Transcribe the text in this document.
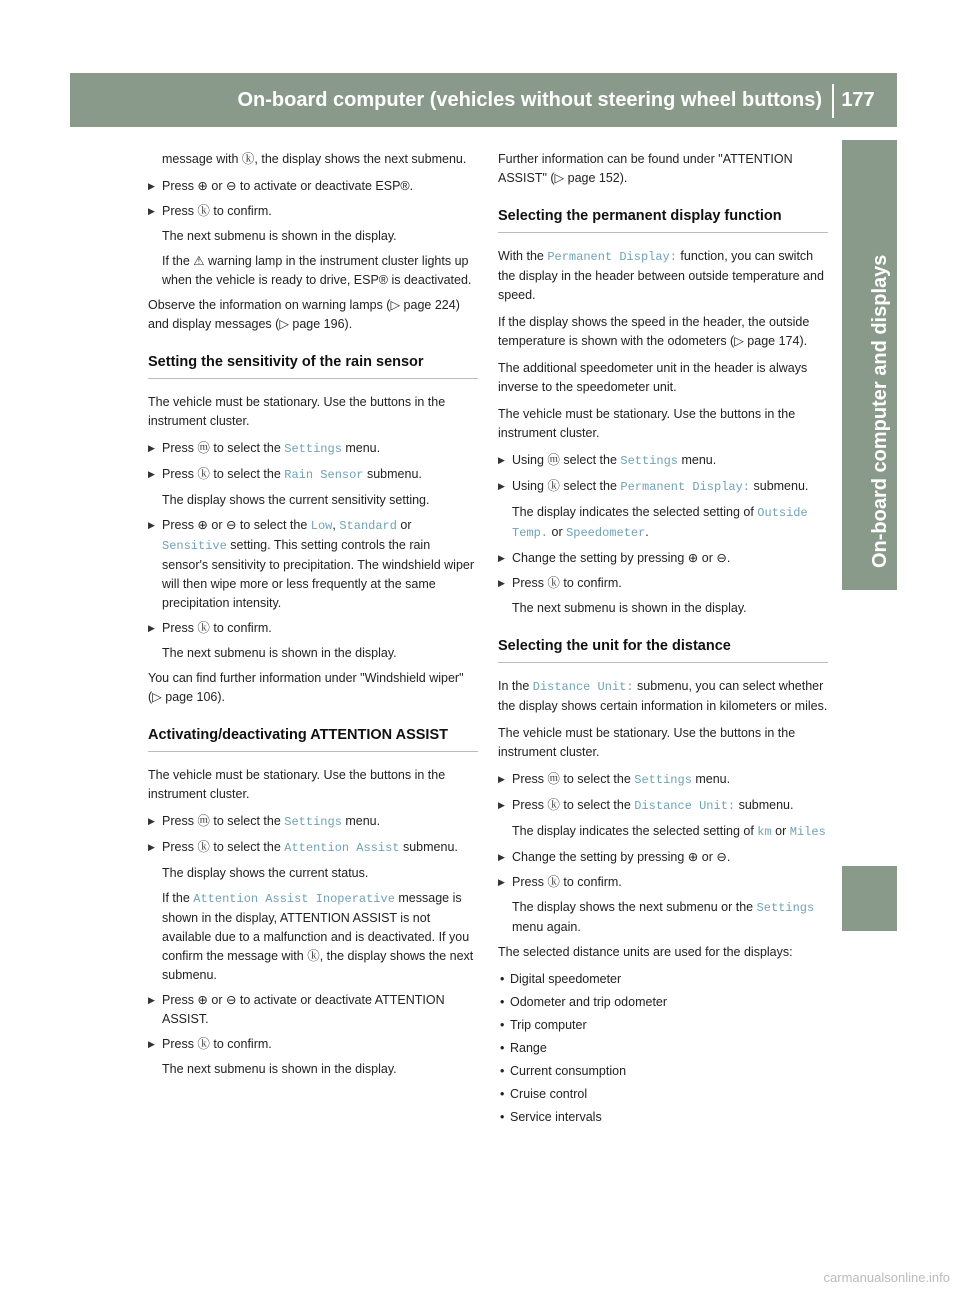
On-board computer (vehicles without steering wheel buttons) 177
On-board computer and displays

message with ⓚ, the display shows the next submenu.

▶ Press ⊕ or ⊖ to activate or deactivate ESP®.
▶ Press ⓚ to confirm.
The next submenu is shown in the display.
If the ⚠ warning lamp in the instrument cluster lights up when the vehicle is ready to drive, ESP® is deactivated.

Observe the information on warning lamps (▷ page 224) and display messages (▷ page 196).

Setting the sensitivity of the rain sensor

The vehicle must be stationary. Use the buttons in the instrument cluster.

▶ Press ⓜ to select the Settings menu.
▶ Press ⓚ to select the Rain Sensor submenu.
The display shows the current sensitivity setting.
▶ Press ⊕ or ⊖ to select the Low, Standard or Sensitive setting. This setting controls the rain sensor's sensitivity to precipitation. The windshield wiper will then wipe more or less frequently at the same precipitation intensity.
▶ Press ⓚ to confirm.
The next submenu is shown in the display.

You can find further information under "Windshield wiper" (▷ page 106).

Activating/deactivating ATTENTION ASSIST

The vehicle must be stationary. Use the buttons in the instrument cluster.

▶ Press ⓜ to select the Settings menu.
▶ Press ⓚ to select the Attention Assist submenu.
The display shows the current status.
If the Attention Assist Inoperative message is shown in the display, ATTENTION ASSIST is not available due to a malfunction and is deactivated. If you confirm the message with ⓚ, the display shows the next submenu.
▶ Press ⊕ or ⊖ to activate or deactivate ATTENTION ASSIST.
▶ Press ⓚ to confirm.
The next submenu is shown in the display.

Further information can be found under "ATTENTION ASSIST" (▷ page 152).

Selecting the permanent display function

With the Permanent Display: function, you can switch the display in the header between outside temperature and speed.

If the display shows the speed in the header, the outside temperature is shown with the odometers (▷ page 174).

The additional speedometer unit in the header is always inverse to the speedometer unit.

The vehicle must be stationary. Use the buttons in the instrument cluster.

▶ Using ⓜ select the Settings menu.
▶ Using ⓚ select the Permanent Display: submenu.
The display indicates the selected setting of Outside Temp. or Speedometer.
▶ Change the setting by pressing ⊕ or ⊖.
▶ Press ⓚ to confirm.
The next submenu is shown in the display.
Selecting the unit for the distance

In the Distance Unit: submenu, you can select whether the display shows certain information in kilometers or miles.

The vehicle must be stationary. Use the buttons in the instrument cluster.

▶ Press ⓜ to select the Settings menu.
▶ Press ⓚ to select the Distance Unit: submenu.
The display indicates the selected setting of km or Miles
▶ Change the setting by pressing ⊕ or ⊖.
▶ Press ⓚ to confirm.
The display shows the next submenu or the Settings menu again.

The selected distance units are used for the displays:

• Digital speedometer
• Odometer and trip odometer
• Trip computer
• Range
• Current consumption
• Cruise control
• Service intervals
carmanualsonline.info
